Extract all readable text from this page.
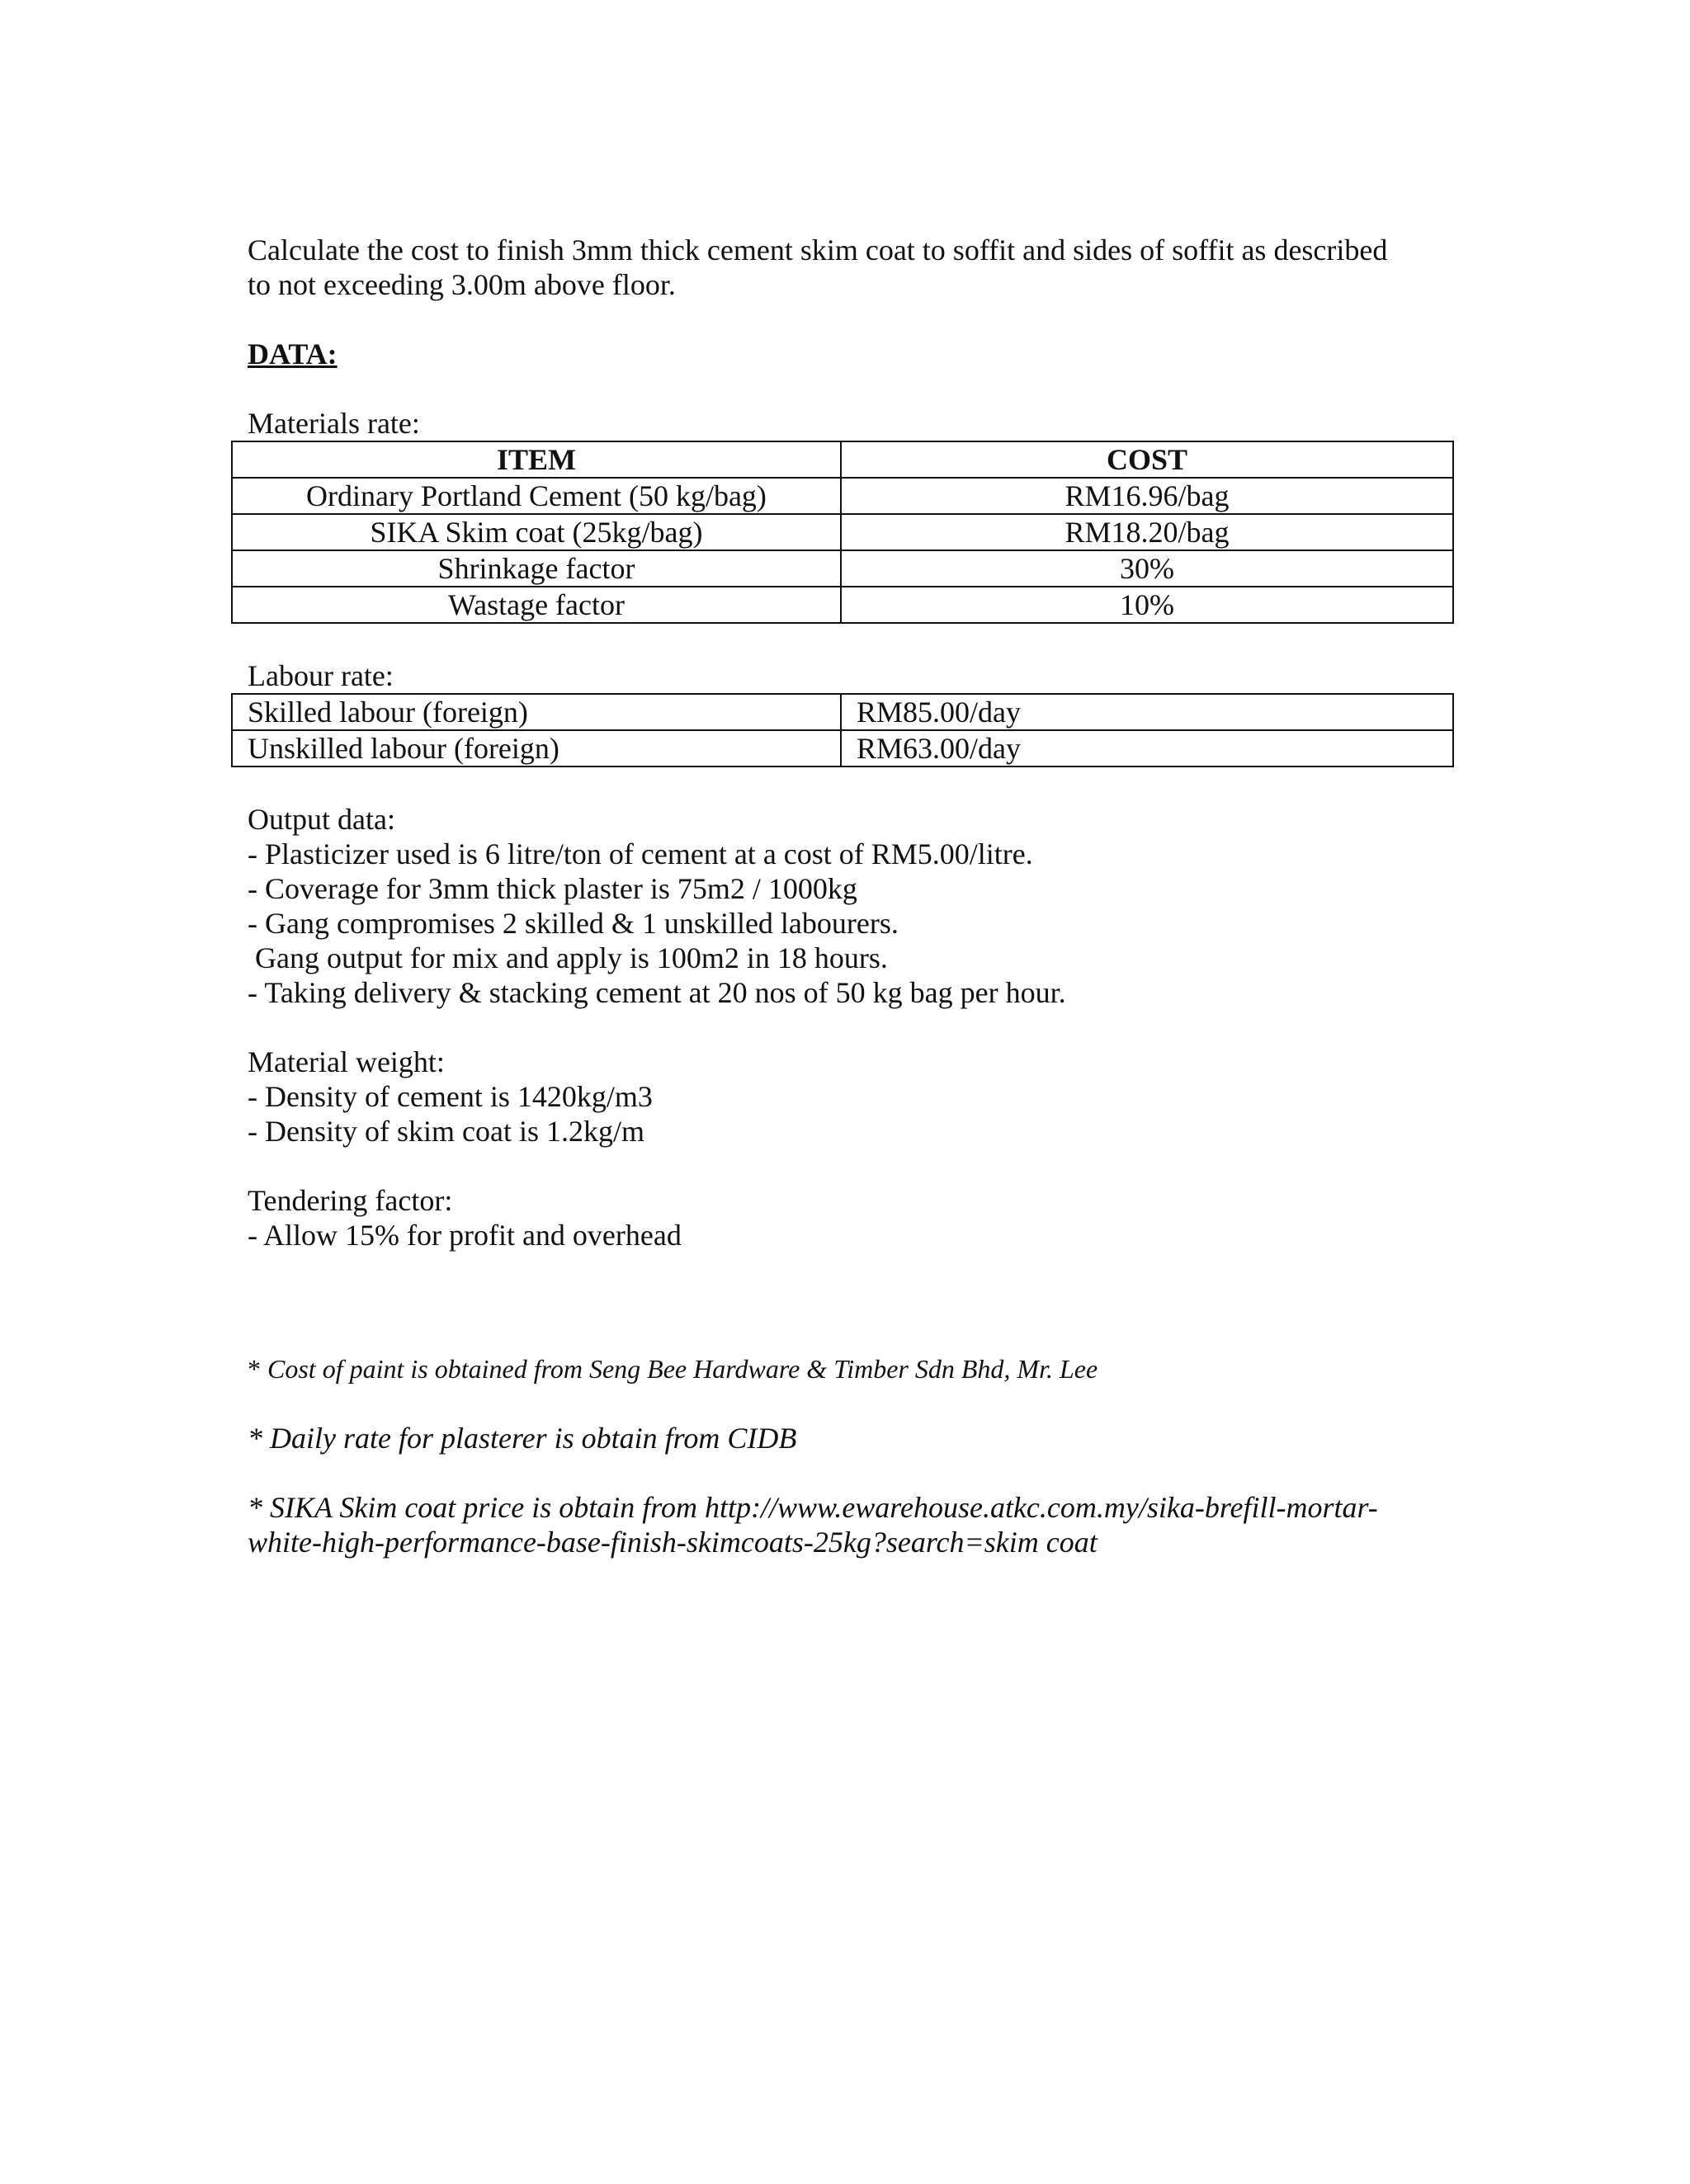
Calculate the cost to finish 3mm thick cement skim coat to soffit and sides of soffit as described
to not exceeding 3.00m above floor.

DATA:

Materials rate:

ITEM	COST
Ordinary Portland Cement (50 kg/bag)	RM16.96/bag
SIKA Skim coat (25kg/bag)	RM18.20/bag
Shrinkage factor	30%
Wastage factor	10%

Labour rate:

Skilled labour (foreign)	RM85.00/day
Unskilled labour (foreign)	RM63.00/day
Output data:
- Plasticizer used is 6 litre/ton of cement at a cost of RM5.00/litre.
- Coverage for 3mm thick plaster is 75m2 / 1000kg
- Gang compromises 2 skilled & 1 unskilled labourers.
Gang output for mix and apply is 100m2 in 18 hours.
- Taking delivery & stacking cement at 20 nos of 50 kg bag per hour.
Material weight:
- Density of cement is 1420kg/m3
- Density of skim coat is 1.2kg/m
Tendering factor:
- Allow 15% for profit and overhead

* Cost of paint is obtained from Seng Bee Hardware & Timber Sdn Bhd, Mr. Lee

* Daily rate for plasterer is obtain from CIDB

* SIKA Skim coat price is obtain from http://www.ewarehouse.atkc.com.my/sika-brefill-mortar-
white-high-performance-base-finish-skimcoats-25kg?search=skim coat
